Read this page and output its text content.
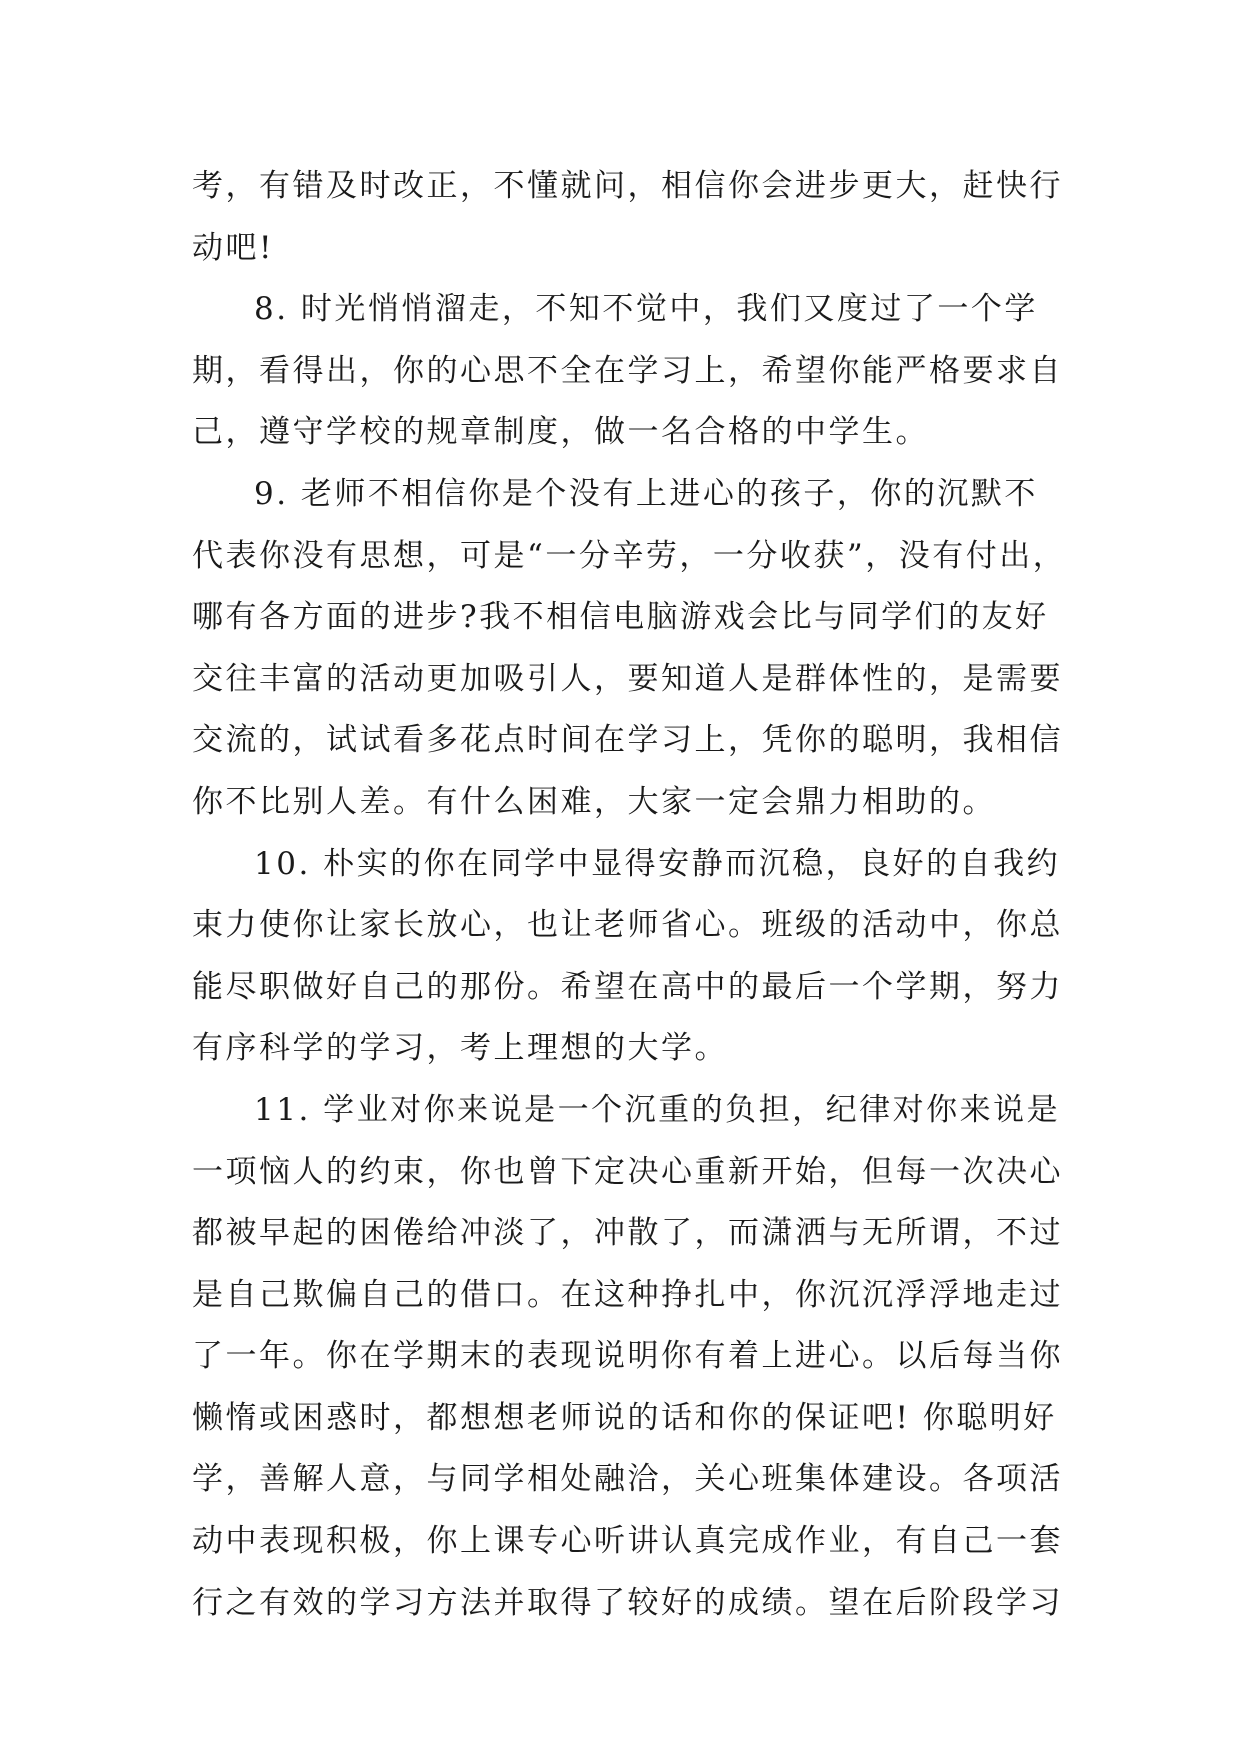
考，有错及时改正，不懂就问，相信你会进步更大，赶快行
动吧!
8. 时光悄悄溜走，不知不觉中，我们又度过了一个学
期，看得出，你的心思不全在学习上，希望你能严格要求自
己，遵守学校的规章制度，做一名合格的中学生。
9. 老师不相信你是个没有上进心的孩子，你的沉默不
代表你没有思想，可是“一分辛劳，一分收获”，没有付出，
哪有各方面的进步?我不相信电脑游戏会比与同学们的友好
交往丰富的活动更加吸引人，要知道人是群体性的，是需要
交流的，试试看多花点时间在学习上，凭你的聪明，我相信
你不比别人差。有什么困难，大家一定会鼎力相助的。
10. 朴实的你在同学中显得安静而沉稳，良好的自我约
束力使你让家长放心，也让老师省心。班级的活动中，你总
能尽职做好自己的那份。希望在高中的最后一个学期，努力
有序科学的学习，考上理想的大学。
11. 学业对你来说是一个沉重的负担，纪律对你来说是
一项恼人的约束，你也曾下定决心重新开始，但每一次决心
都被早起的困倦给冲淡了，冲散了，而潇洒与无所谓，不过
是自己欺偏自己的借口。在这种挣扎中，你沉沉浮浮地走过
了一年。你在学期末的表现说明你有着上进心。以后每当你
懒惰或困惑时，都想想老师说的话和你的保证吧! 你聪明好
学，善解人意，与同学相处融洽，关心班集体建设。各项活
动中表现积极，你上课专心听讲认真完成作业，有自己一套
行之有效的学习方法并取得了较好的成绩。望在后阶段学习
